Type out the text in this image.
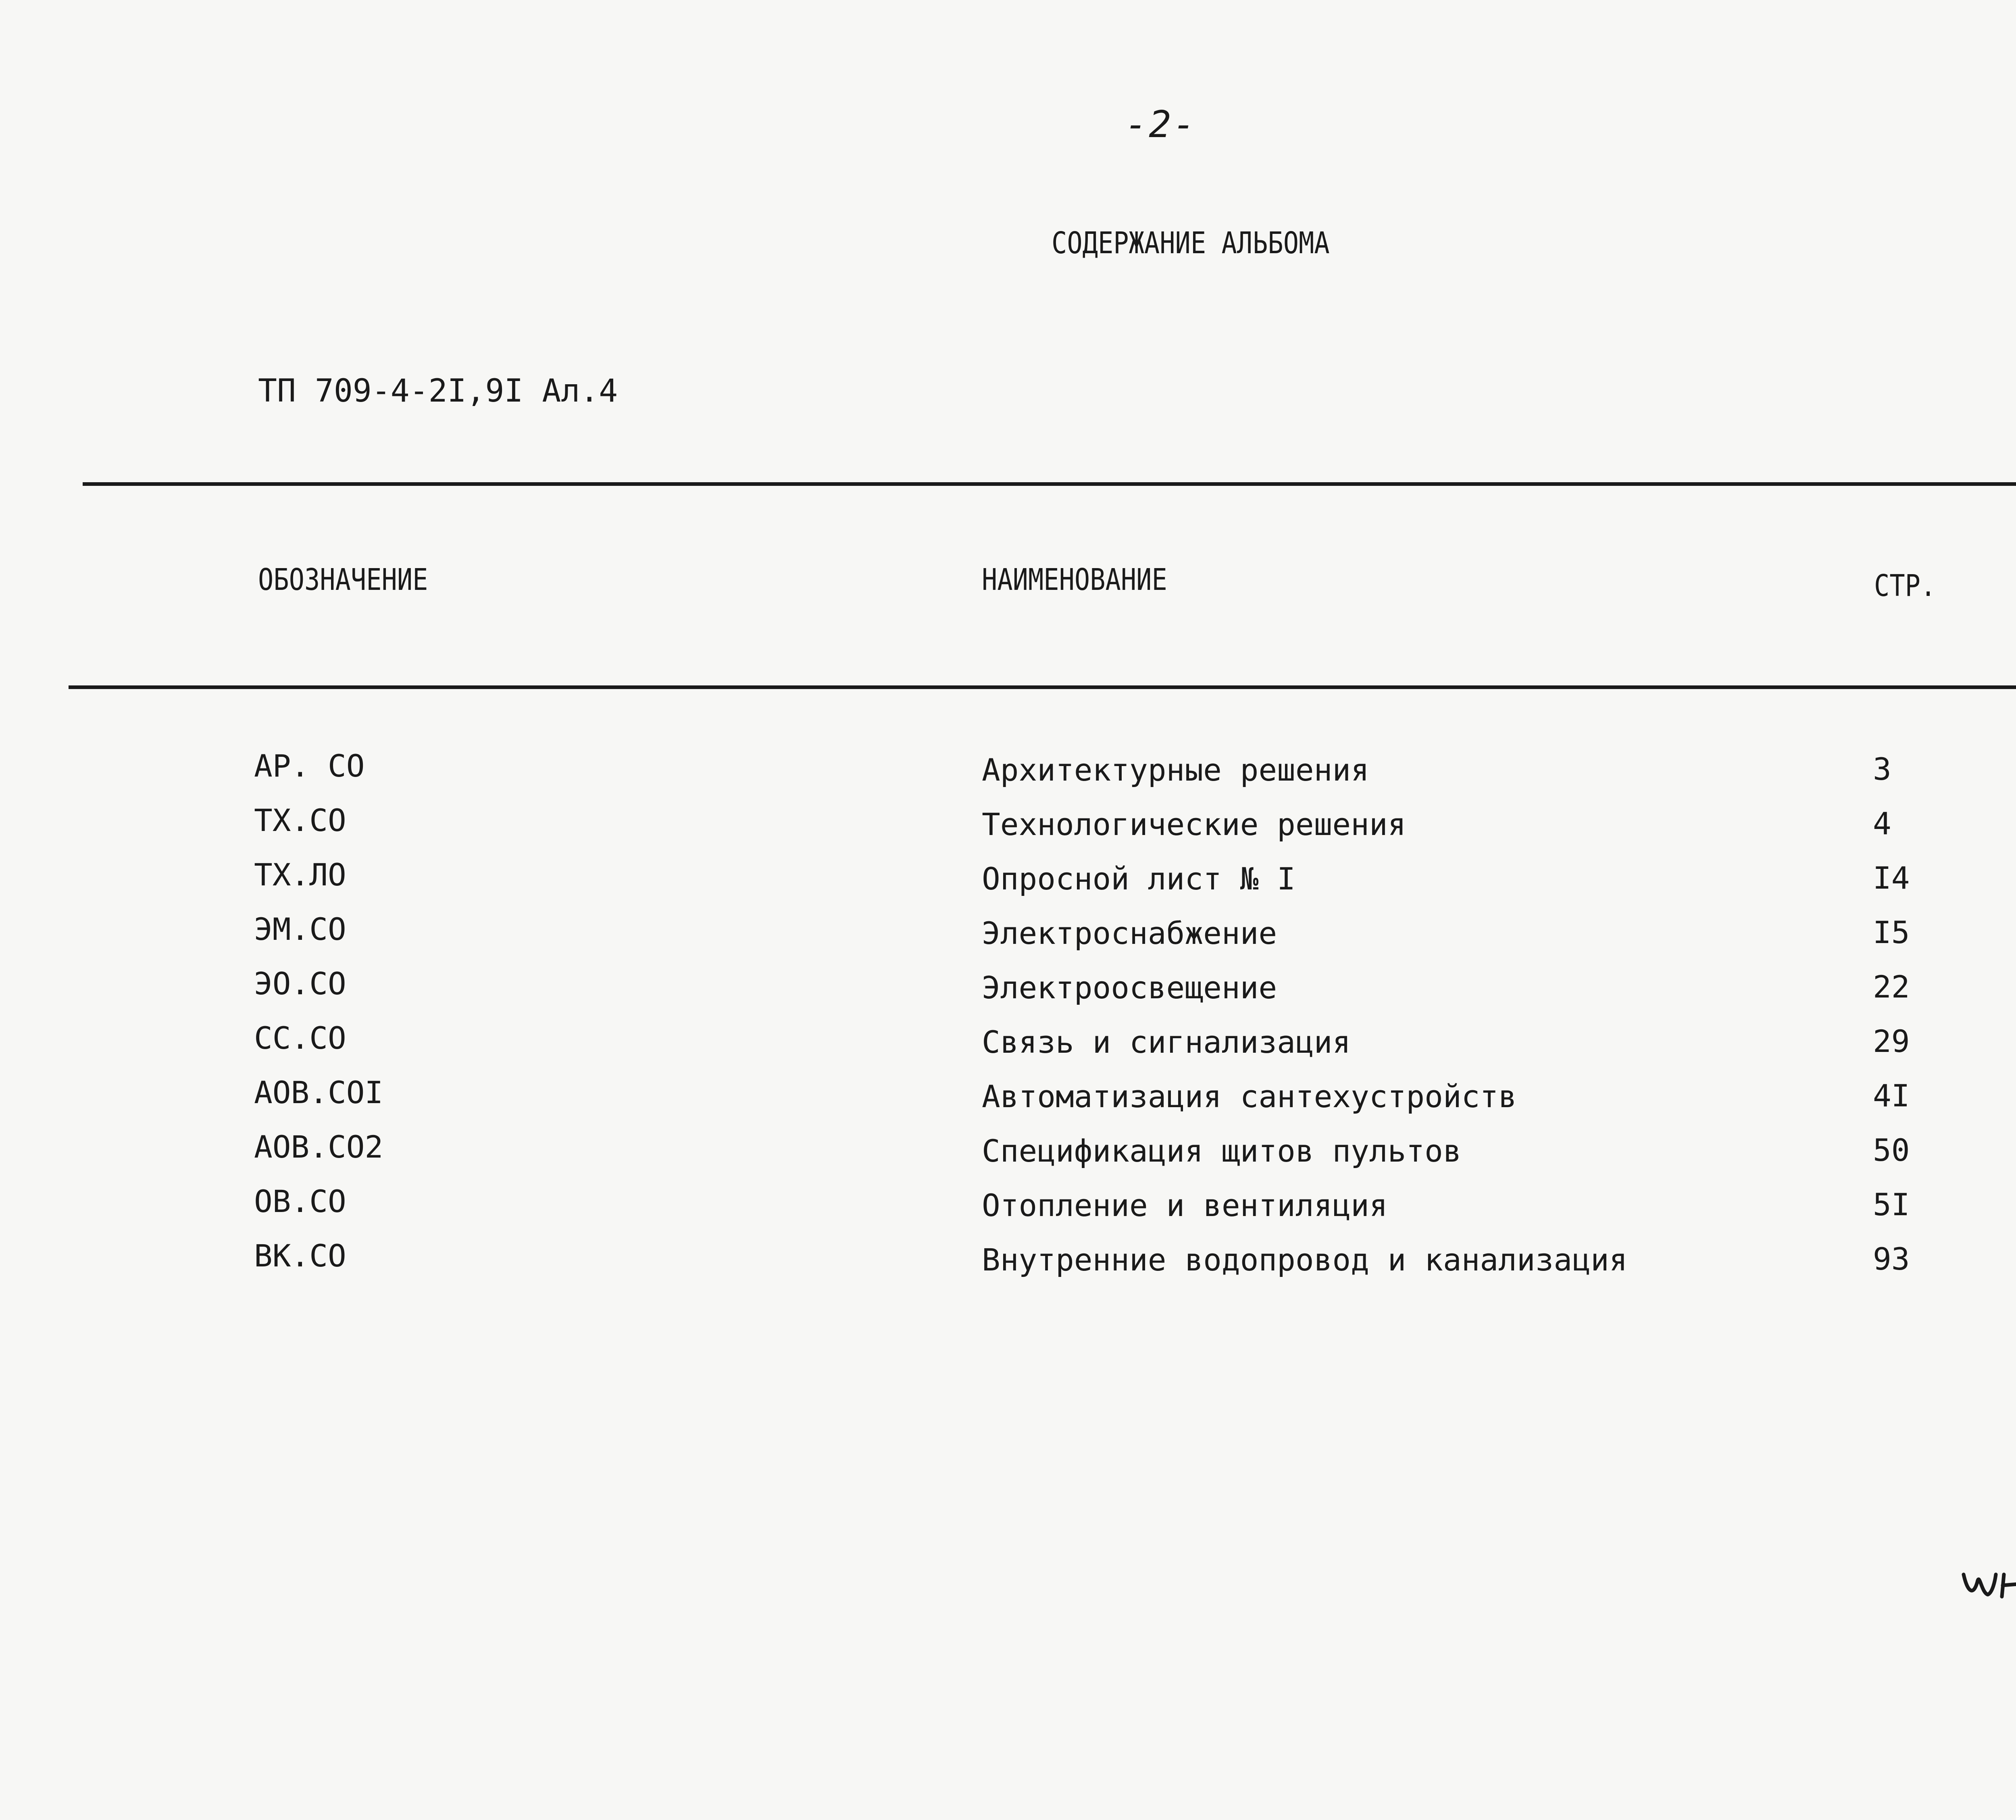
-2-
СОДЕРЖАНИЕ АЛЬБОМА
ТП 709-4-2I,9I Ал.4
ОБОЗНАЧЕНИЕ	НАИМЕНОВАНИЕ	СТР.
АР. СО	Архитектурные решения	3
ТХ.СО	Технологические решения	4
ТХ.ЛО	Опросной лист № I	I4
ЭМ.СО	Электроснабжение	I5
ЭО.СО	Электроосвещение	22
СС.СО	Связь и сигнализация	29
АОВ.СОI	Автоматизация сантехустройств	4I
АОВ.СО2	Спецификация щитов пультов	50
ОВ.СО	Отопление и вентиляция	5I
ВК.СО	Внутренние водопровод и канализация	93
